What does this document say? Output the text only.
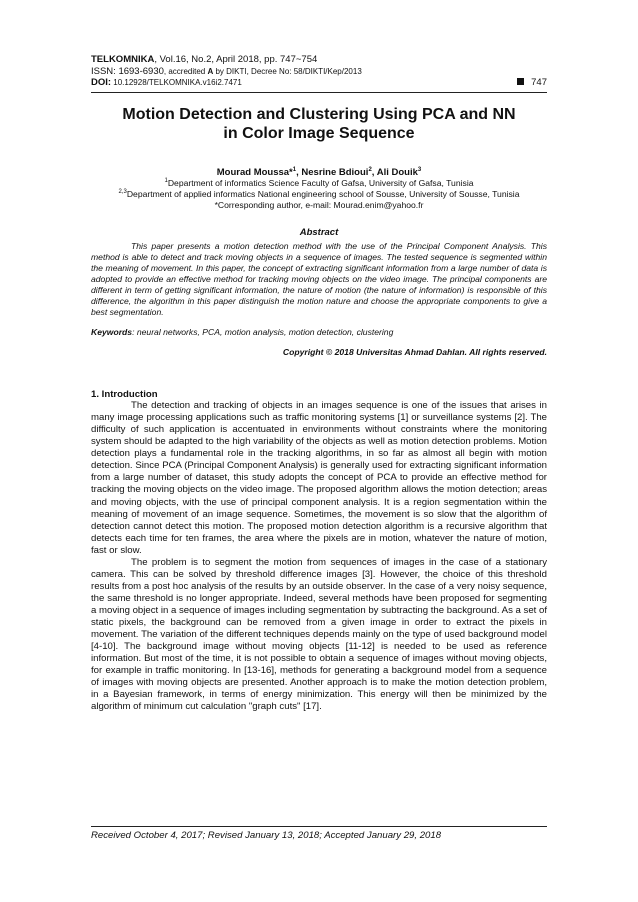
TELKOMNIKA, Vol.16, No.2, April 2018, pp. 747~754
ISSN: 1693-6930, accredited A by DIKTI, Decree No: 58/DIKTI/Kep/2013
DOI: 10.12928/TELKOMNIKA.v16i2.7471	747
Motion Detection and Clustering Using PCA and NN
in Color Image Sequence
Mourad Moussa*$^1$, Nesrine Bdioui$^2$, Ali Douik$^3$
$^1$Department of informatics Science Faculty of Gafsa, University of Gafsa, Tunisia
$^{2,3}$Department of applied informatics National engineering school of Sousse, University of Sousse, Tunisia
*Corresponding author, e-mail: Mourad.enim@yahoo.fr
Abstract
This paper presents a motion detection method with the use of the Principal Component Analysis. This method is able to detect and track moving objects in a sequence of images. The tested sequence is segmented within the meaning of movement. In this paper, the concept of extracting significant information from a large number of data is adopted to provide an effective method for tracking moving objects on the video image. The principal components are different in term of getting significant information, the nature of motion (the nature of information) is responsible of this difference, the algorithm in this paper distinguish the motion nature and choose the appropriate components to give a best segmentation.
Keywords: neural networks, PCA, motion analysis, motion detection, clustering
Copyright © 2018 Universitas Ahmad Dahlan. All rights reserved.
1. Introduction

The detection and tracking of objects in an images sequence is one of the issues that arises in many image processing applications such as traffic monitoring systems [1] or surveillance systems [2]. The difficulty of such application is accentuated in environments without constraints where the monitoring system should be adapted to the high variability of the objects as well as motion detection problems. Motion detection plays a fundamental role in the tracking algorithms, in so far as almost all begin with motion detection. Since PCA (Principal Component Analysis) is generally used for extracting significant information from a large number of dataset, this study adopts the concept of PCA to provide an effective method for tracking the moving objects on the video image. The proposed algorithm allows the motion detection; areas and moving objects, with the use of principal component analysis. It is a region segmentation within the meaning of movement of an image sequence. Sometimes, the movement is so slow that the algorithm of detection cannot detect this motion. The proposed motion detection algorithm is a recursive algorithm that detects each time for ten frames, the area where the pixels are in motion, whatever the nature of motion, fast or slow.

The problem is to segment the motion from sequences of images in the case of a stationary camera. This can be solved by threshold difference images [3]. However, the choice of this threshold results from a post hoc analysis of the results by an outside observer. In the case of a very noisy sequence, the same threshold is no longer appropriate. Indeed, several methods have been proposed for segmenting a moving object in a sequence of images including segmentation by subtracting the background. As a set of static pixels, the background can be removed from a given image in order to extract the pixels in movement. The variation of the different techniques depends mainly on the type of used background model [4-10]. The background image without moving objects [11-12] is needed to be used as reference information. But most of the time, it is not possible to obtain a sequence of images without moving objects, for example in traffic monitoring. In [13-16], methods for generating a background model from a sequence of images with moving objects are presented. Another approach is to make the motion detection problem, in a Bayesian framework, in terms of energy minimization. This energy will then be minimized by the algorithm of minimum cut calculation "graph cuts" [17].

Received October 4, 2017; Revised January 13, 2018; Accepted January 29, 2018
